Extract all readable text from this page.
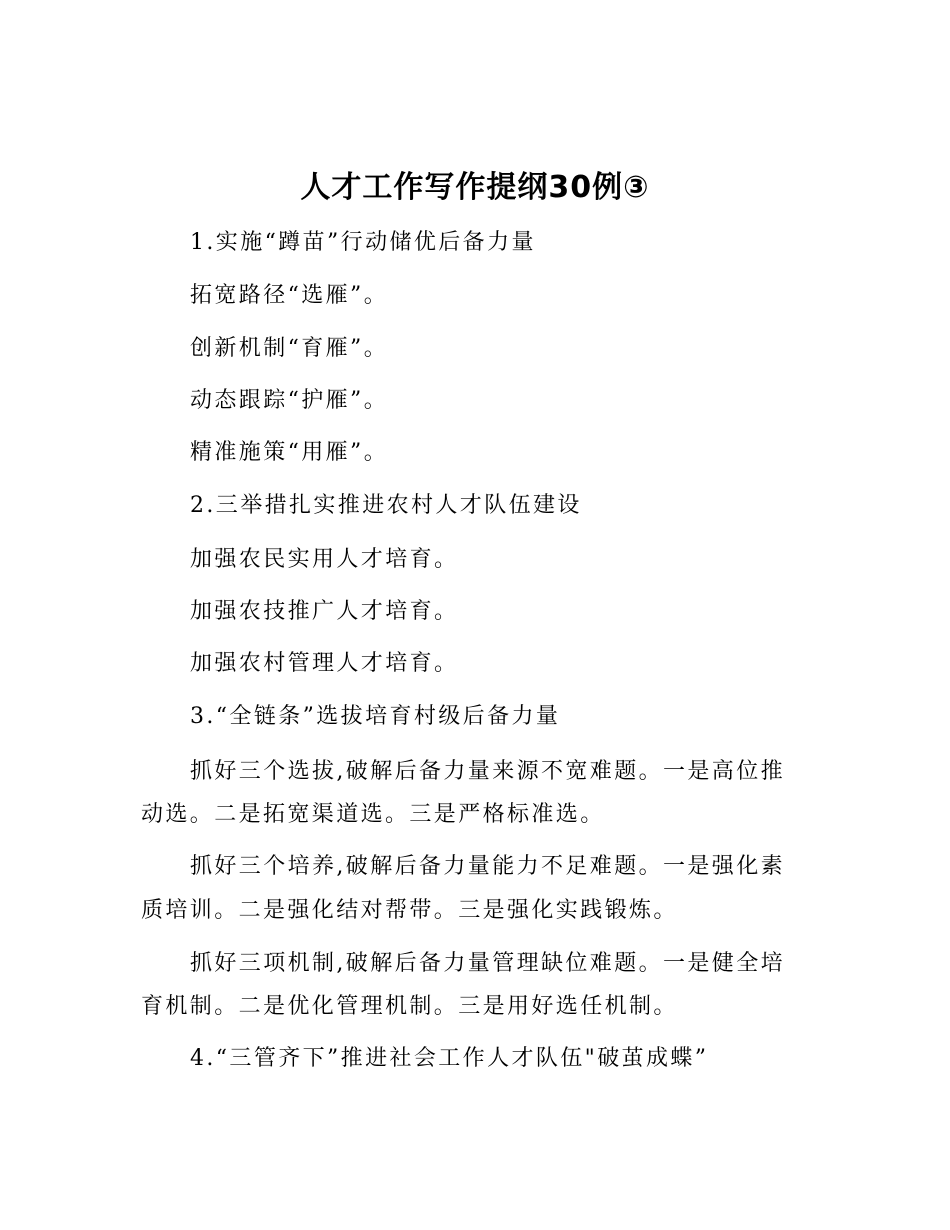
人才工作写作提纲30例③
1.实施“蹲苗”行动储优后备力量
拓宽路径“选雁”。
创新机制“育雁”。
动态跟踪“护雁”。
精准施策“用雁”。
2.三举措扎实推进农村人才队伍建设
加强农民实用人才培育。
加强农技推广人才培育。
加强农村管理人才培育。
3.“全链条”选拔培育村级后备力量
抓好三个选拔,破解后备力量来源不宽难题。一是高位推
动选。二是拓宽渠道选。三是严格标准选。
抓好三个培养,破解后备力量能力不足难题。一是强化素
质培训。二是强化结对帮带。三是强化实践锻炼。
抓好三项机制,破解后备力量管理缺位难题。一是健全培
育机制。二是优化管理机制。三是用好选任机制。
4.“三管齐下”推进社会工作人才队伍"破茧成蝶”
